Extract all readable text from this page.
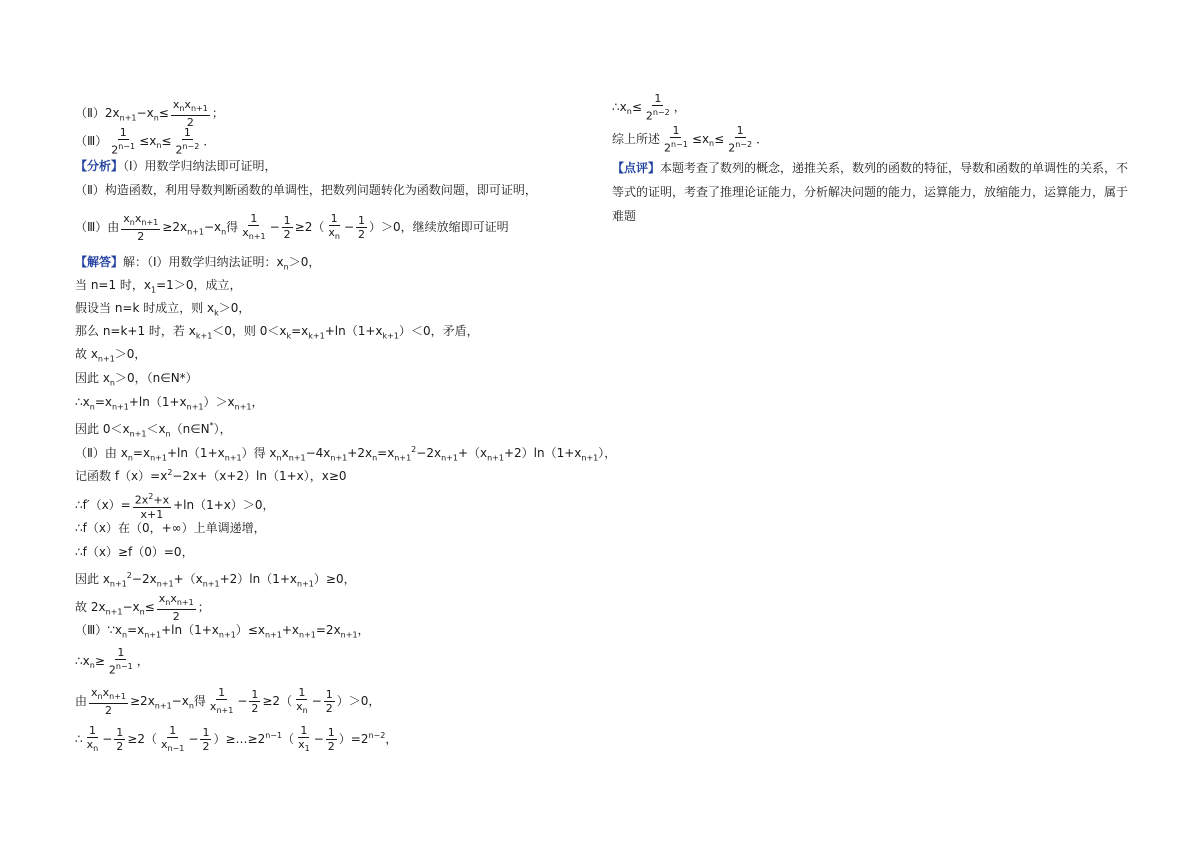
$(Ⅱ)2x_{n+1}-x_n\le \frac{x_nx_{n+1}}{2}$ ；
（Ⅲ） $\frac{1}{2^{n-1}} \le x_n\le \frac{1}{2^{n-2}}$ ．
【分析】（Ⅰ）用数学归纳法即可证明，
（Ⅱ）构造函数，利用导数判断函数的单调性，把数列问题转化为函数问题，即可证明，
（Ⅲ）由 $\frac{x_nx_{n+1}}{2} \ge 2x_{n+1}-x_n$得 $\frac{1}{x_{n+1}} - \frac{1}{2} \ge 2( \frac{1}{x_n} - \frac{1}{2} )>0$，继续放缩即可证明
【解答】解：（Ⅰ）用数学归纳法证明：$x_n>0$，
当 n=1 时，$x_1=1>0$，成立，
假设当 n=k 时成立，则 $x_k>0$，
那么 n=k+1 时，若 $x_{k+1}<0$，则 $0<x_k=x_{k+1}+\ln(1+x_{k+1})<0$，矛盾，
故 $x_{n+1}>0$，
因此 $x_n>0$，（n∈N*）
$\therefore x_n=x_{n+1}+\ln(1+x_{n+1})>x_{n+1}$，
因此 $0<x_{n+1}<x_n(n\in N^*)$，
（Ⅱ）由 $x_n=x_{n+1}+\ln(1+x_{n+1})$得 $x_nx_{n+1}-4x_{n+1}+2x_n=x_{n+1}^2-2x_{n+1}+(x_{n+1}+2)\ln(1+x_{n+1})$，
记函数 $f(x)=x^2-2x+(x+2)\ln(1+x)$，x≥0
∴f′（x）= $\frac{2x^2+x}{x+1} +\ln(1+x)>0$，
∴f（x）在（0，+∞）上单调递增，
∴f（x）≥f（0）=0，
因此 $x_{n+1}^2-2x_{n+1}+(x_{n+1}+2)\ln(1+x_{n+1})\ge 0$，
故 $2x_{n+1}-x_n\le \frac{x_nx_{n+1}}{2}$ ；
$(Ⅲ)\because x_n=x_{n+1}+\ln(1+x_{n+1})\le x_{n+1}+x_{n+1}=2x_{n+1}$，
$\therefore x_n\ge \frac{1}{2^{n-1}}$ ，
由 $\frac{x_nx_{n+1}}{2} \ge 2x_{n+1}-x_n$得 $\frac{1}{x_{n+1}} - \frac{1}{2} \ge 2( \frac{1}{x_n} - \frac{1}{2} )>0$，
∴ $\frac{1}{x_n} - \frac{1}{2} \ge 2( \frac{1}{x_{n-1}} - \frac{1}{2}$ ）$\ge\dots\ge 2^{n-1}( \frac{1}{x_1} - \frac{1}{2} )=2^{n-2}$，
$\therefore x_n\le \frac{1}{2^{n-2}}$ ，
综上所述 $\frac{1}{2^{n-1}} \le x_n\le \frac{1}{2^{n-2}}$ ．
【点评】本题考查了数列的概念，递推关系，数列的函数的特征，导数和函数的单调性的关系，不等式的证明，考查了推理论证能力，分析解决问题的能力，运算能力，放缩能力，运算能力，属于难题
